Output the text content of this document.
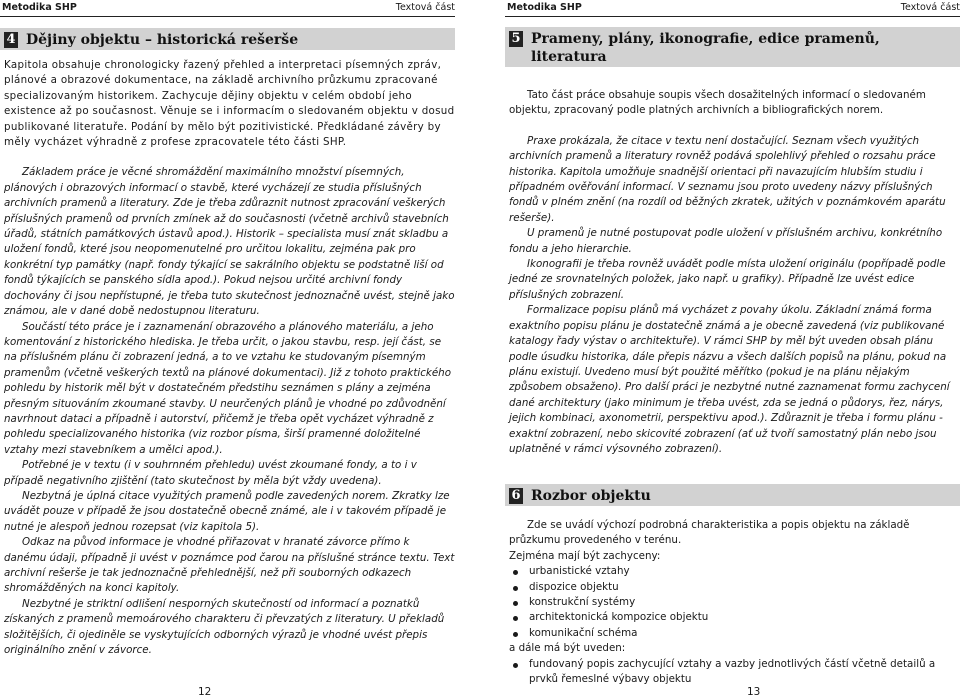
Metodika SHP	Textová část
4 Dějiny objektu – historická rešerše

Kapitola obsahuje chronologicky řazený přehled a interpretaci písemných zpráv, plánové a obrazové dokumentace, na základě archivního průzkumu zpracované specializovaným historikem. Zachycuje dějiny objektu v celém období jeho existence až po současnost. Věnuje se i informacím o sledovaném objektu v dosud publikované literatuře. Podání by mělo být pozitivistické. Předkládané závěry by měly vycházet výhradně z profese zpracovatele této části SHP.

Základem práce je věcné shromáždění maximálního množství písemných, plánových i obrazových informací o stavbě, které vycházejí ze studia příslušných archivních pramenů a literatury. Zde je třeba zdůraznit nutnost zpracování veškerých příslušných pramenů od prvních zmínek až do současnosti (včetně archivů stavebních úřadů, státních památkových ústavů apod.). Historik – specialista musí znát skladbu a uložení fondů, které jsou neopomenutelné pro určitou lokalitu, zejména pak pro konkrétní typ památky (např. fondy týkající se sakrálního objektu se podstatně liší od fondů týkajících se panského sídla apod.). Pokud nejsou určité archivní fondy dochovány či jsou nepřístupné, je třeba tuto skutečnost jednoznačně uvést, stejně jako známou, ale v dané době nedostupnou literaturu.

Součástí této práce je i zaznamenání obrazového a plánového materiálu, a jeho komentování z historického hlediska. Je třeba určit, o jakou stavbu, resp. její část, se na příslušném plánu či zobrazení jedná, a to ve vztahu ke studovaným písemným pramenům (včetně veškerých textů na plánové dokumentaci). Již z tohoto praktického pohledu by historik měl být v dostatečném předstihu seznámen s plány a zejména přesným situováním zkoumané stavby. U neurčených plánů je vhodné po zdůvodnění navrhnout dataci a případně i autorství, přičemž je třeba opět vycházet výhradně z pohledu specializovaného historika (viz rozbor písma, širší pramenné doložitelné vztahy mezi stavebníkem a umělci apod.).

Potřebné je v textu (i v souhrnném přehledu) uvést zkoumané fondy, a to i v případě negativního zjištění (tato skutečnost by měla být vždy uvedena).

Nezbytná je úplná citace využitých pramenů podle zavedených norem. Zkratky lze uvádět pouze v případě že jsou dostatečně obecně známé, ale i v takovém případě je nutné je alespoň jednou rozepsat (viz kapitola 5).

Odkaz na původ informace je vhodné přiřazovat v hranaté závorce přímo k danému údaji, případně ji uvést v poznámce pod čarou na příslušné stránce textu. Text archivní rešerše je tak jednoznačně přehlednější, než při souborných odkazech shromážděných na konci kapitoly.

Nezbytné je striktní odlišení nesporných skutečností od informací a poznatků získaných z pramenů memoárového charakteru či převzatých z literatury. U překladů složitějších, či ojediněle se vyskytujících odborných výrazů je vhodné uvést přepis originálního znění v závorce.

12
Metodika SHP	Textová část
5 Prameny, plány, ikonografie, edice pramenů, literatura

Tato část práce obsahuje soupis všech dosažitelných informací o sledovaném objektu, zpracovaný podle platných archivních a bibliografických norem.

Praxe prokázala, že citace v textu není dostačující. Seznam všech využitých archivních pramenů a literatury rovněž podává spolehlivý přehled o rozsahu práce historika. Kapitola umožňuje snadnější orientaci při navazujícím hlubším studiu i případném ověřování informací. V seznamu jsou proto uvedeny názvy příslušných fondů v plném znění (na rozdíl od běžných zkratek, užitých v poznámkovém aparátu rešerše).

U pramenů je nutné postupovat podle uložení v příslušném archivu, konkrétního fondu a jeho hierarchie.

Ikonografii je třeba rovněž uvádět podle místa uložení originálu (popřípadě podle jedné ze srovnatelných položek, jako např. u grafiky). Případně lze uvést edice příslušných zobrazení.

Formalizace popisu plánů má vycházet z povahy úkolu. Základní známá forma exaktního popisu plánu je dostatečně známá a je obecně zavedená (viz publikované katalogy řady výstav o architektuře). V rámci SHP by měl být uveden obsah plánu podle úsudku historika, dále přepis názvu a všech dalších popisů na plánu, pokud na plánu existují. Uvedeno musí být použité měřítko (pokud je na plánu nějakým způsobem obsaženo). Pro další práci je nezbytné nutné zaznamenat formu zachycení dané architektury (jako minimum je třeba uvést, zda se jedná o půdorys, řez, nárys, jejich kombinaci, axonometrii, perspektivu apod.). Zdůraznit je třeba i formu plánu - exaktní zobrazení, nebo skicovité zobrazení (ať už tvoří samostatný plán nebo jsou uplatněné v rámci výsovného zobrazení).

6 Rozbor objektu

Zde se uvádí výchozí podrobná charakteristika a popis objektu na základě průzkumu provedeného v terénu.

Zejména mají být zachyceny:

urbanistické vztahy
dispozice objektu
konstrukční systémy
architektonická kompozice objektu
komunikační schéma

a dále má být uveden:

fundovaný popis zachycující vztahy a vazby jednotlivých částí včetně detailů a prvků řemeslné výbavy objektu
13
